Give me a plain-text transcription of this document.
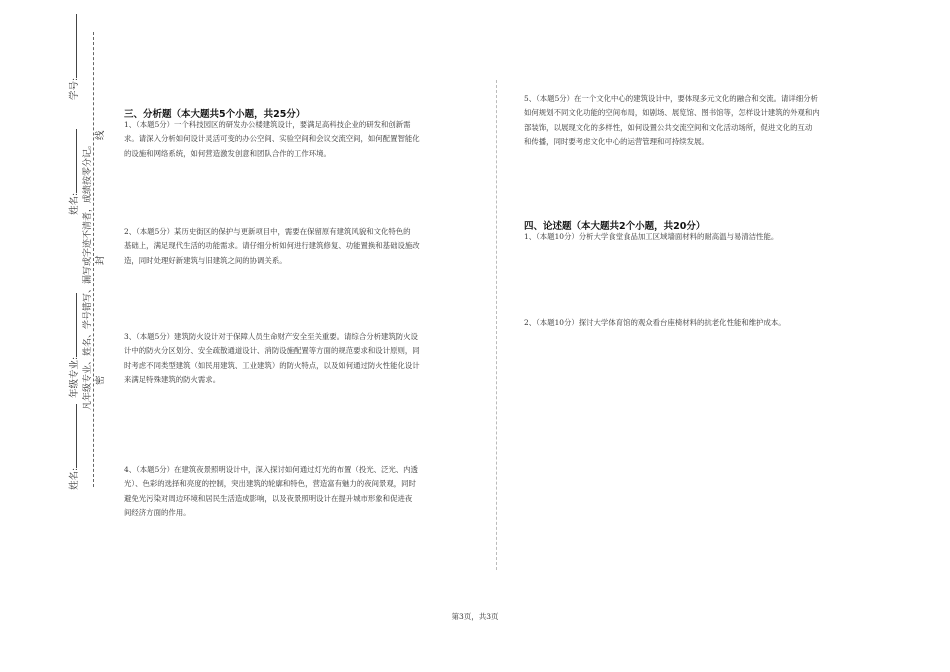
学号:
姓名:
年级专业:
姓名:
凡年级专业、姓名、学号错写、漏写或字迹不清者，成绩按零分记。
线
封
密
三、分析题（本大题共5个小题，共25分）
1、（本题5分）一个科技园区的研发办公楼建筑设计，要满足高科技企业的研发和创新需
求。请深入分析如何设计灵活可变的办公空间、实验空间和会议交流空间，如何配置智能化
的设施和网络系统，如何营造激发创意和团队合作的工作环境。
2、（本题5分）某历史街区的保护与更新项目中，需要在保留原有建筑风貌和文化特色的
基础上，满足现代生活的功能需求。请仔细分析如何进行建筑修复、功能置换和基础设施改
造，同时处理好新建筑与旧建筑之间的协调关系。
3、（本题5分）建筑防火设计对于保障人员生命财产安全至关重要。请综合分析建筑防火设
计中的防火分区划分、安全疏散通道设计、消防设施配置等方面的规范要求和设计原则，同
时考虑不同类型建筑（如民用建筑、工业建筑）的防火特点，以及如何通过防火性能化设计
来满足特殊建筑的防火需求。
4、（本题5分）在建筑夜景照明设计中，深入探讨如何通过灯光的布置（投光、泛光、内透
光）、色彩的选择和亮度的控制，突出建筑的轮廓和特色，营造富有魅力的夜间景观，同时
避免光污染对周边环境和居民生活造成影响，以及夜景照明设计在提升城市形象和促进夜
间经济方面的作用。
5、（本题5分）在一个文化中心的建筑设计中，要体现多元文化的融合和交流。请详细分析
如何规划不同文化功能的空间布局，如剧场、展览馆、图书馆等，怎样设计建筑的外观和内
部装饰，以展现文化的多样性，如何设置公共交流空间和文化活动场所，促进文化的互动
和传播，同时要考虑文化中心的运营管理和可持续发展。
四、论述题（本大题共2个小题，共20分）
1、（本题10分）分析大学食堂食品加工区域墙面材料的耐高温与易清洁性能。
2、（本题10分）探讨大学体育馆的观众看台座椅材料的抗老化性能和维护成本。
第3页，共3页
